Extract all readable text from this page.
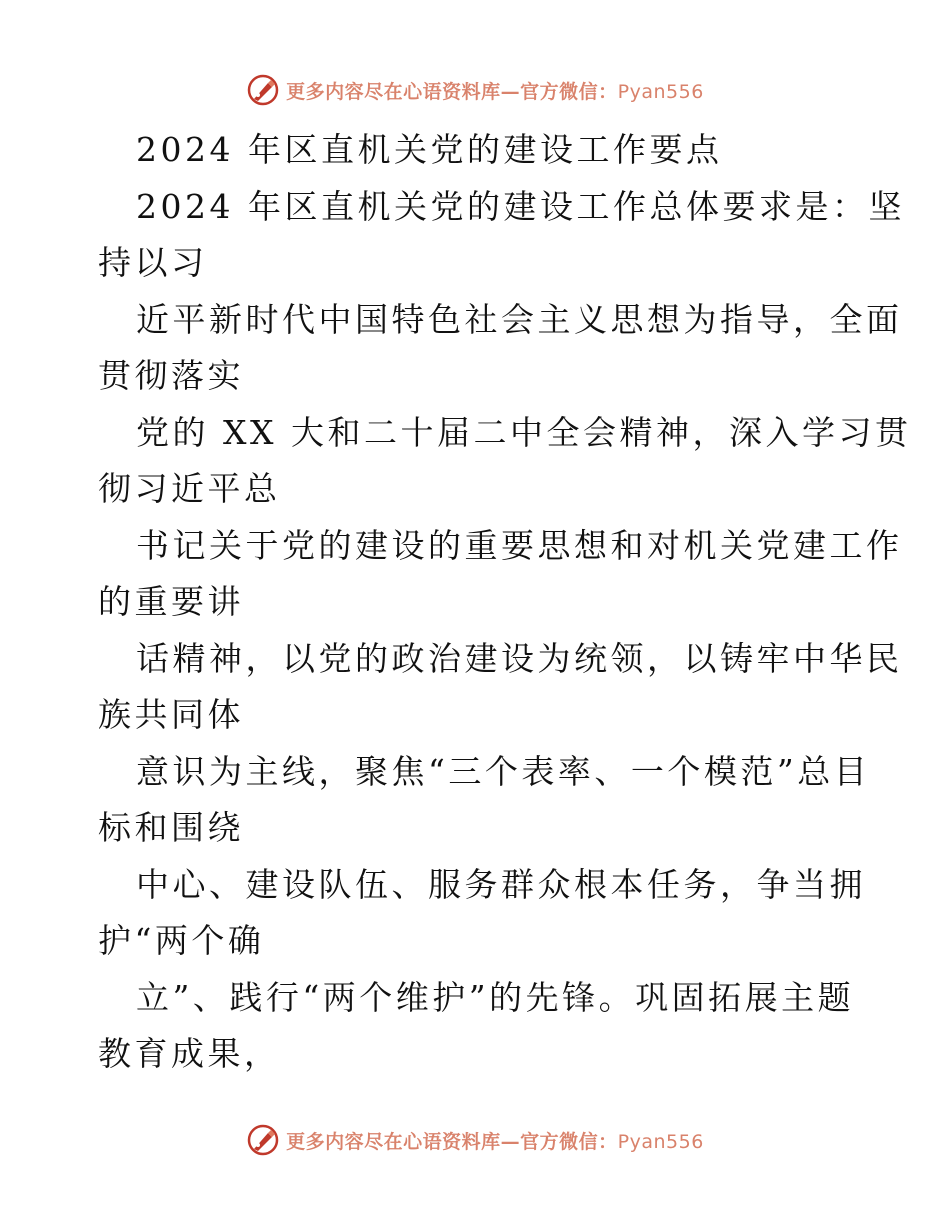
更多内容尽在心语资料库—官方微信：Pyan556
2024 年区直机关党的建设工作要点
2024 年区直机关党的建设工作总体要求是：坚
持以习
近平新时代中国特色社会主义思想为指导，全面
贯彻落实
党的 XX 大和二十届二中全会精神，深入学习贯
彻习近平总
书记关于党的建设的重要思想和对机关党建工作
的重要讲
话精神，以党的政治建设为统领，以铸牢中华民
族共同体
意识为主线，聚焦“三个表率、一个模范”总目
标和围绕
中心、建设队伍、服务群众根本任务，争当拥
护“两个确
立”、践行“两个维护”的先锋。巩固拓展主题
教育成果，
更多内容尽在心语资料库—官方微信：Pyan556
